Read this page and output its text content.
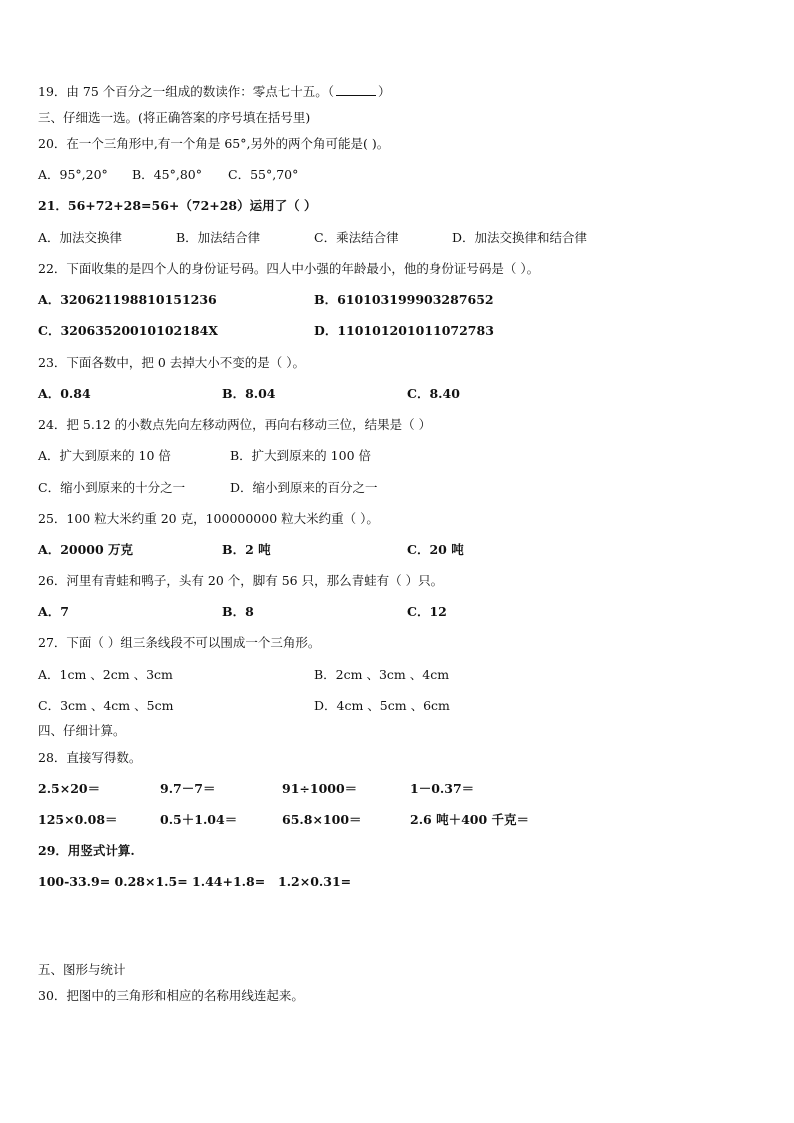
19．由 75 个百分之一组成的数读作：零点七十五。（	）
三、仔细选一选。(将正确答案的序号填在括号里)
20．在一个三角形中,有一个角是 65°,另外的两个角可能是( )。
A．95°,20° B．45°,80° C．55°,70°
21．56+72+28=56+（72+28）运用了（ ）
A．加法交换律	B．加法结合律	C．乘法结合律	D．加法交换律和结合律
22．下面收集的是四个人的身份证号码。四人中小强的年龄最小，他的身份证号码是（ ）。
A．320621198810151236	B．610103199903287652
C．32063520010102184X	D．110101201011072783
23．下面各数中，把 0 去掉大小不变的是（ ）。
A．0.84	B．8.04	C．8.40
24．把 5.12 的小数点先向左移动两位，再向右移动三位，结果是（ ）
A．扩大到原来的 10 倍	B．扩大到原来的 100 倍
C．缩小到原来的十分之一	D．缩小到原来的百分之一
25．100 粒大米约重 20 克，100000000 粒大米约重（ ）。
A．20000 万克	B．2 吨	C．20 吨
26．河里有青蛙和鸭子，头有 20 个，脚有 56 只，那么青蛙有（ ）只。
A．7	B．8	C．12
27．下面（ ）组三条线段不可以围成一个三角形。
A．1cm 、2cm 、3cm	B．2cm 、3cm 、4cm
C．3cm 、4cm 、5cm	D．4cm 、5cm 、6cm
四、仔细计算。
28．直接写得数。
2.5×20＝	9.7－7＝	91÷1000＝	1－0.37＝
125×0.08＝	0.5＋1.04＝	65.8×100＝	2.6 吨＋400 千克＝
29．用竖式计算.
100-33.9= 0.28×1.5= 1.44+1.8= 1.2×0.31=
五、图形与统计
30．把图中的三角形和相应的名称用线连起来。
